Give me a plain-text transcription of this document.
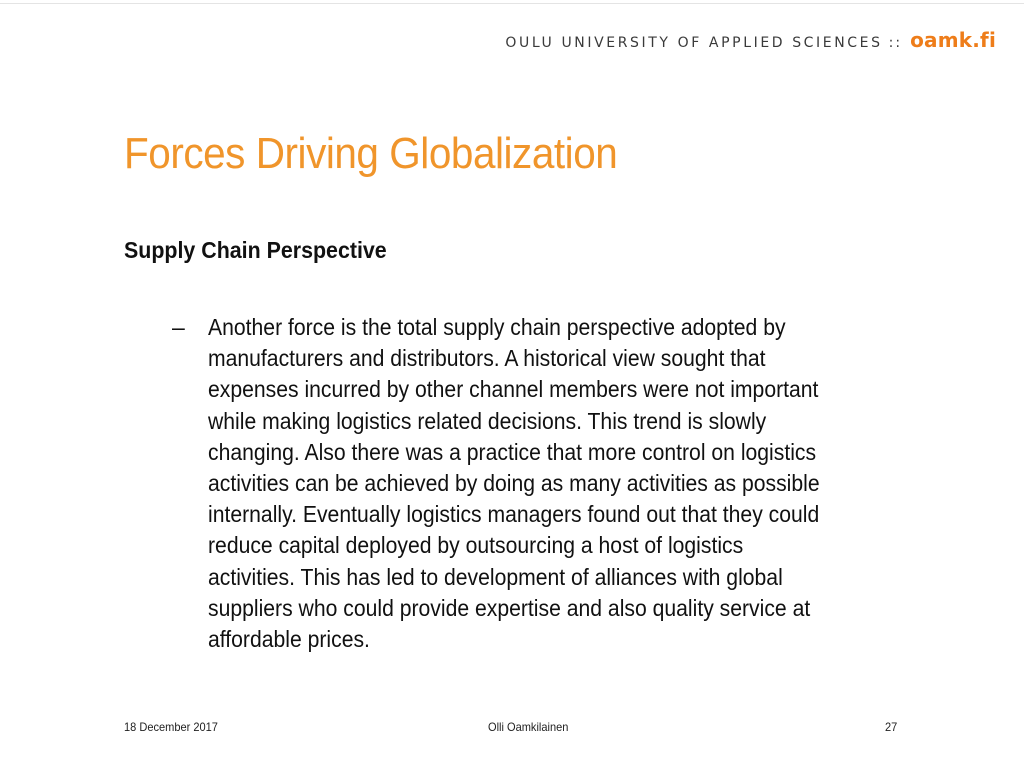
OULU UNIVERSITY OF APPLIED SCIENCES :: oamk.fi
Forces Driving Globalization
Supply Chain Perspective
– Another force is the total supply chain perspective adopted by
manufacturers and distributors. A historical view sought that
expenses incurred by other channel members were not important
while making logistics related decisions. This trend is slowly
changing. Also there was a practice that more control on logistics
activities can be achieved by doing as many activities as possible
internally. Eventually logistics managers found out that they could
reduce capital deployed by outsourcing a host of logistics
activities. This has led to development of alliances with global
suppliers who could provide expertise and also quality service at
affordable prices.
18 December 2017	Olli Oamkilainen	27
